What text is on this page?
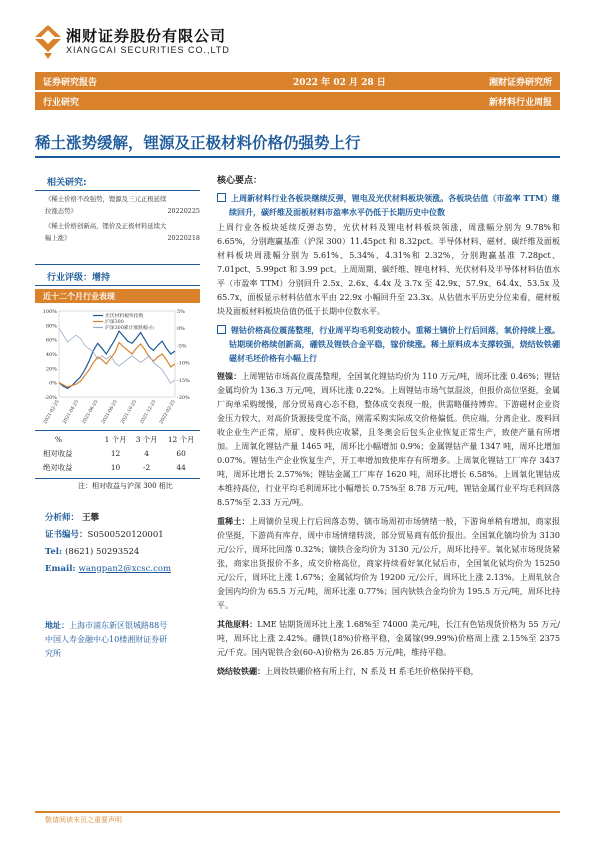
湘财证券股份有限公司
XIANGCAI SECURITIES CO.,LTD
证券研究报告	2022 年 02 月 28 日	湘财证券研究所
行业研究	新材料行业周报
稀土涨势缓解，锂源及正极材料价格仍强势上行
相关研究:
《稀土价格不改强势，锂源及三元正极延续
拉涨态势》	20220225
《稀土价格创新高，锂价及正极材料延续大
幅上涨》	20220218
行业评级：增持
近十二个月行业表现
光伏材料板块指数
沪深300
沪深300累计涨跌幅-右
100%
80%
60%
40%
20%
0%
-20%
5%
0%
-5%
-10%
-15%
-20%
2021-02-25 2021-04-25 2021-06-25 2021-08-25 2021-10-25 2021-12-25 2022-02-25
%	1 个月	3 个月	12 个月
相对收益	12	4	60
绝对收益	10	-2	44
注：相对收益与沪深 300 相比
分析师： 王攀
证书编号：S0500520120001
Tel: (8621) 50293524
Email: wangpan2@xcsc.com
地址：上海市浦东新区银城路88号
中国人寿金融中心10楼湘财证券研
究所
核心要点：

上周新材料行业各板块继续反弹，锂电及光伏材料板块领涨。各板块估值（市盈率 TTM）继续回升，碳纤维及面板材料市盈率水平仍低于长期历史中位数

上周行业各板块延续反弹态势，光伏材料及锂电材料板块领涨，周涨幅分别为 9.78%和 6.65%，分别跑赢基准（沪深 300）11.45pct 和 8.32pct。半导体材料、磁材、碳纤维及面板材料板块周涨幅分别为 5.61%、5.34%、4.31%和 2.32%，分别跑赢基准 7.28pct、7.01pct、5.99pct 和 3.99 pct。上周周期、碳纤维、锂电材料、光伏材料及半导体材料估值水平（市盈率 TTM）分别回升 2.5x、2.6x、4.4x 及 3.7x 至 42.9x、57.9x、64.4x、53.5x 及 65.7x，面板显示材料估值水平由 22.9x 小幅回升至 23.3x。从估值水平历史分位来看，磁材板块及面板材料板块估值仍低于长期中位数水平。

锂钴价格高位震荡整理，行业周平均毛利变动较小。重稀土镝价上行后回落，氧价持续上涨。钴期现价格续创新高，硼铁及锂铁合金平稳，镓价续涨。稀土原料成本支撑较强，烧结钕铁硼磁材毛坯价格有小幅上行

锂镍：上周锂钴市场高位震荡整理，全国氧化锂钴均价为 110 万元/吨，周环比涨 0.46%；锂钴金属均价为 136.3 万元/吨，周环比涨 0.22%。上周锂钴市场气氛混淡，但报价高位坚挺，金属厂询单采购缓慢，部分贸易商心态不稳，整体成交表现一般，供需略僵持博弈。下游磁材企业资金压力较大，对高价货源接受度不高，刚需采购实际成交价格偏低。供应端，分离企业、废料回收企业生产正常，原矿、废料供应收紧，且冬奥会后包头企业恢复正常生产，致使产量有所增加。上周氧化锂钴产量 1465 吨，周环比小幅增加 0.9%；金属锂钴产量 1347 吨，周环比增加 0.07%。锂钴生产企业恢复生产，开工率增加致使库存有所增多。上周氧化锂钴工厂库存 3437 吨，周环比增长 2.57%%；锂钴金属工厂库存 1620 吨，周环比增长 6.58%。上周氧化锂钴成本维持高位，行业平均毛利周环比小幅增长 0.75%至 8.78 万元/吨，锂钴金属行业平均毛利回落 8.57%至 2.33 万元/吨。

重稀土：上周镝价呈现上行后回落态势，镝市场周初市场情绪一般，下游询单稍有增加，商家报价坚挺，下游尚有库存，周中市场情绪转淡，部分贸易商有低价报出。全国氧化镝均价为 3130 元/公斤，周环比回落 0.32%；镝铁合金均价为 3130 元/公斤，周环比持平。氧化铽市场现货紧张，商家出货报价不多，成交价格高位，商家持续看好氧化铽后市，全国氧化铽均价为 15250 元/公斤，周环比上涨 1.67%；金属铽均价为 19200 元/公斤，周环比上涨 2.13%。上周轧钬合金国内均价为 65.5 万元/吨，周环比涨 0.77%；国内钬铁合金均价为 195.5 万元/吨，周环比持平。

其他原料：LME 钴期货周环比上涨 1.68%至 74000 美元/吨，长江有色钴现货价格为 55 万元/吨，周环比上涨 2.42%。硼铁(18%)价格平稳，金属镓(99.99%)价格周上涨 2.15%至 2375 元/千克。国内铌铁合金(60-A)价格为 26.85 万元/吨，维持平稳。

烧结钕铁硼：上周钕铁硼价格有所上行，N 系及 H 系毛坯价格保持平稳，

敬请阅读末页之重要声明
